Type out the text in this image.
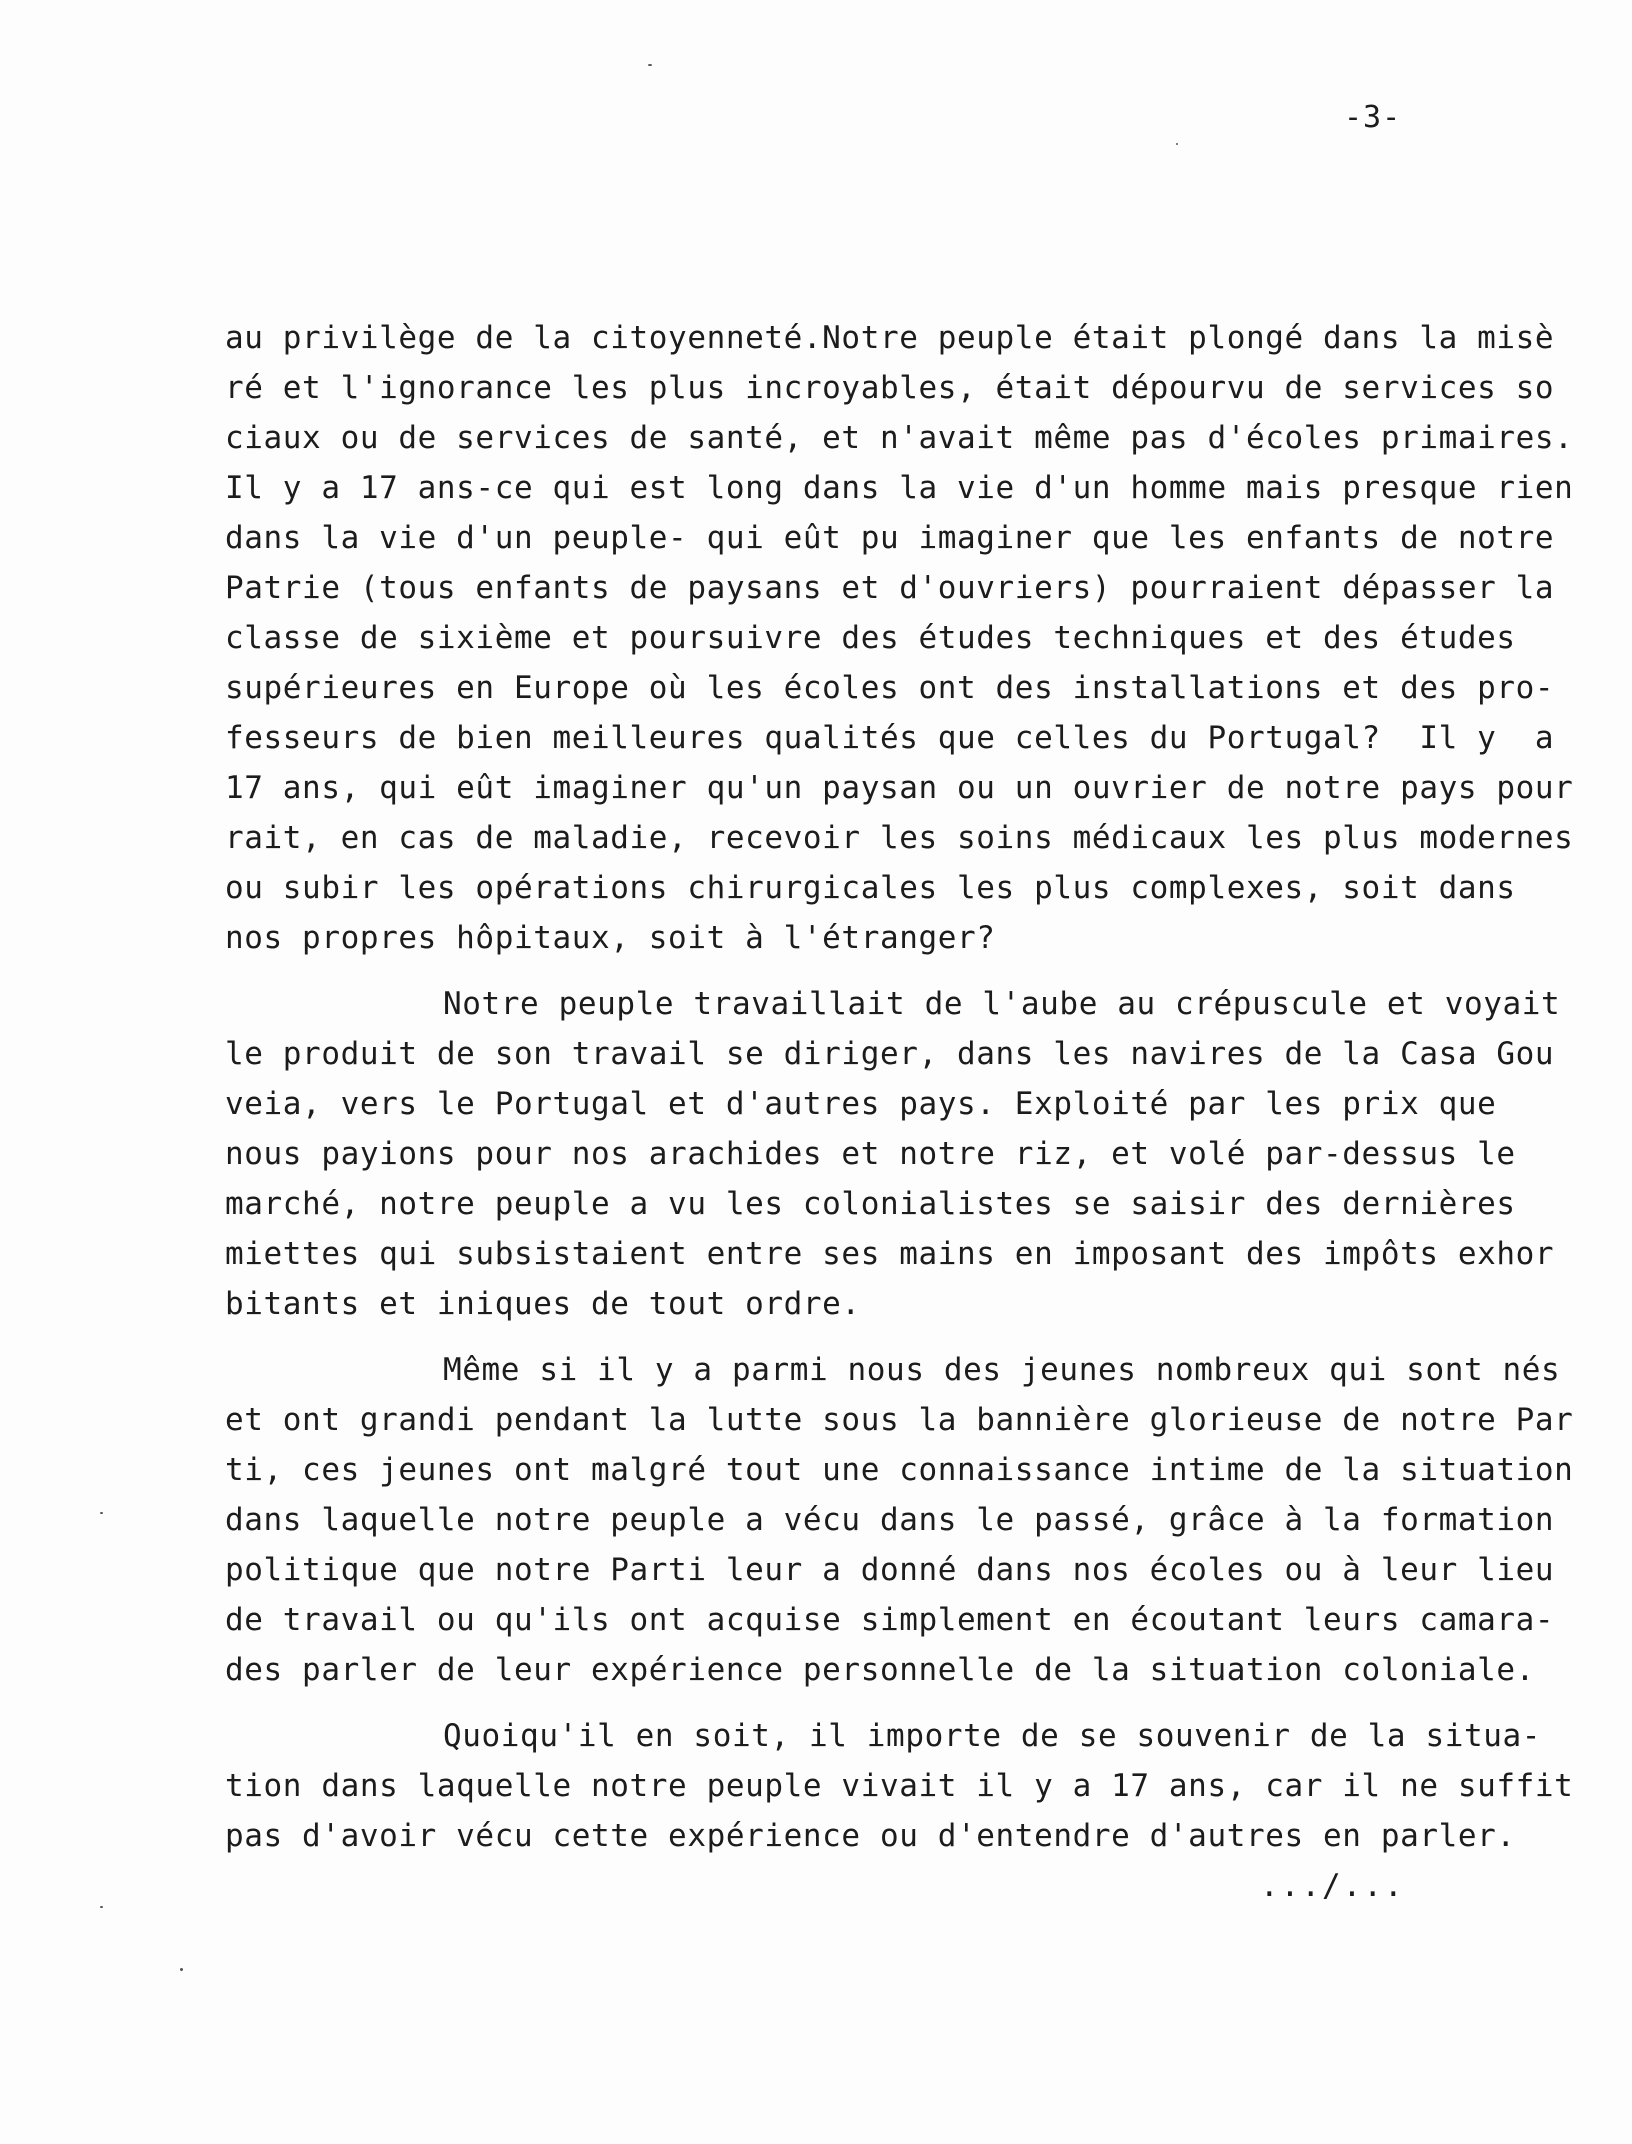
-3-
au privilège de la citoyenneté.Notre peuple était plongé dans la misè
ré et l'ignorance les plus incroyables, était dépourvu de services so
ciaux ou de services de santé, et n'avait même pas d'écoles primaires.
Il y a 17 ans-ce qui est long dans la vie d'un homme mais presque rien
dans la vie d'un peuple- qui eût pu imaginer que les enfants de notre
Patrie (tous enfants de paysans et d'ouvriers) pourraient dépasser la
classe de sixième et poursuivre des études techniques et des études
supérieures en Europe où les écoles ont des installations et des pro-
fesseurs de bien meilleures qualités que celles du Portugal?  Il y  a
17 ans, qui eût imaginer qu'un paysan ou un ouvrier de notre pays pour
rait, en cas de maladie, recevoir les soins médicaux les plus modernes
ou subir les opérations chirurgicales les plus complexes, soit dans
nos propres hôpitaux, soit à l'étranger?
Notre peuple travaillait de l'aube au crépuscule et voyait
le produit de son travail se diriger, dans les navires de la Casa Gou
veia, vers le Portugal et d'autres pays. Exploité par les prix que
nous payions pour nos arachides et notre riz, et volé par-dessus le
marché, notre peuple a vu les colonialistes se saisir des dernières
miettes qui subsistaient entre ses mains en imposant des impôts exhor
bitants et iniques de tout ordre.
Même si il y a parmi nous des jeunes nombreux qui sont nés
et ont grandi pendant la lutte sous la bannière glorieuse de notre Par
ti, ces jeunes ont malgré tout une connaissance intime de la situation
dans laquelle notre peuple a vécu dans le passé, grâce à la formation
politique que notre Parti leur a donné dans nos écoles ou à leur lieu
de travail ou qu'ils ont acquise simplement en écoutant leurs camara-
des parler de leur expérience personnelle de la situation coloniale.
Quoiqu'il en soit, il importe de se souvenir de la situa-
tion dans laquelle notre peuple vivait il y a 17 ans, car il ne suffit
pas d'avoir vécu cette expérience ou d'entendre d'autres en parler.
.../...
